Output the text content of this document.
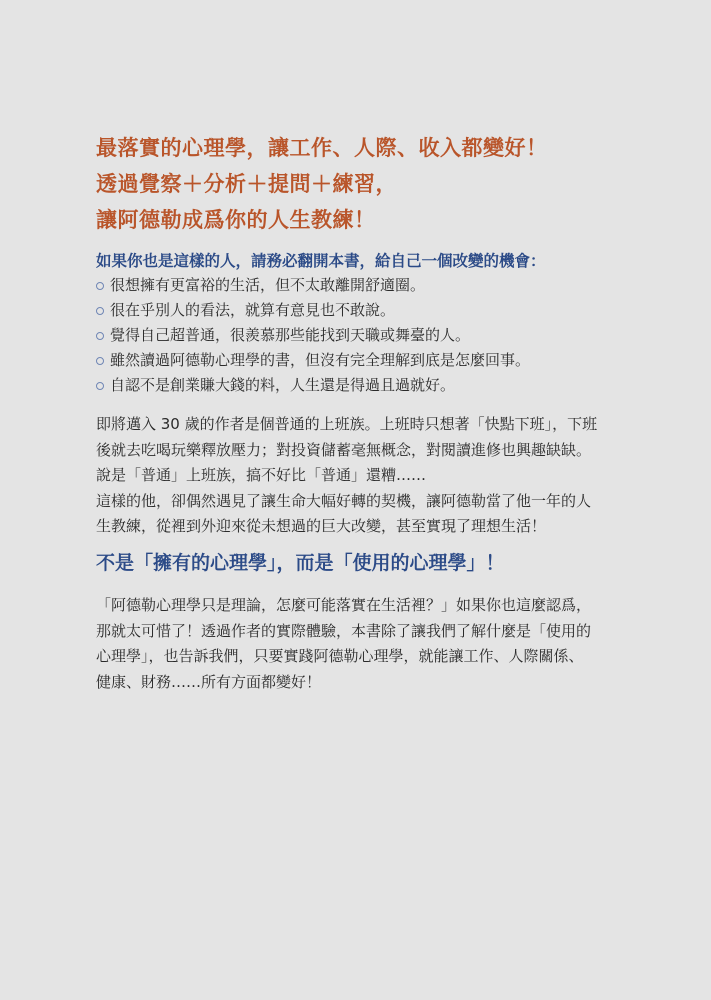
最落實的心理學，讓工作、人際、收入都變好！
透過覺察＋分析＋提問＋練習，
讓阿德勒成爲你的人生教練！
如果你也是這樣的人，請務必翻開本書，給自己一個改變的機會：
很想擁有更富裕的生活，但不太敢離開舒適圈。
很在乎別人的看法，就算有意見也不敢說。
覺得自己超普通，很羨慕那些能找到天職或舞臺的人。
雖然讀過阿德勒心理學的書，但沒有完全理解到底是怎麼回事。
自認不是創業賺大錢的料，人生還是得過且過就好。
即將邁入 30 歲的作者是個普通的上班族。上班時只想著「快點下班」，下班
後就去吃喝玩樂釋放壓力；對投資儲蓄毫無概念，對閱讀進修也興趣缺缺。
說是「普通」上班族，搞不好比「普通」還糟……
這樣的他，卻偶然遇見了讓生命大幅好轉的契機，讓阿德勒當了他一年的人
生教練，從裡到外迎來從未想過的巨大改變，甚至實現了理想生活！
不是「擁有的心理學」，而是「使用的心理學」！
「阿德勒心理學只是理論，怎麼可能落實在生活裡？」如果你也這麼認爲，
那就太可惜了！透過作者的實際體驗，本書除了讓我們了解什麼是「使用的
心理學」，也告訴我們，只要實踐阿德勒心理學，就能讓工作、人際關係、
健康、財務……所有方面都變好！
